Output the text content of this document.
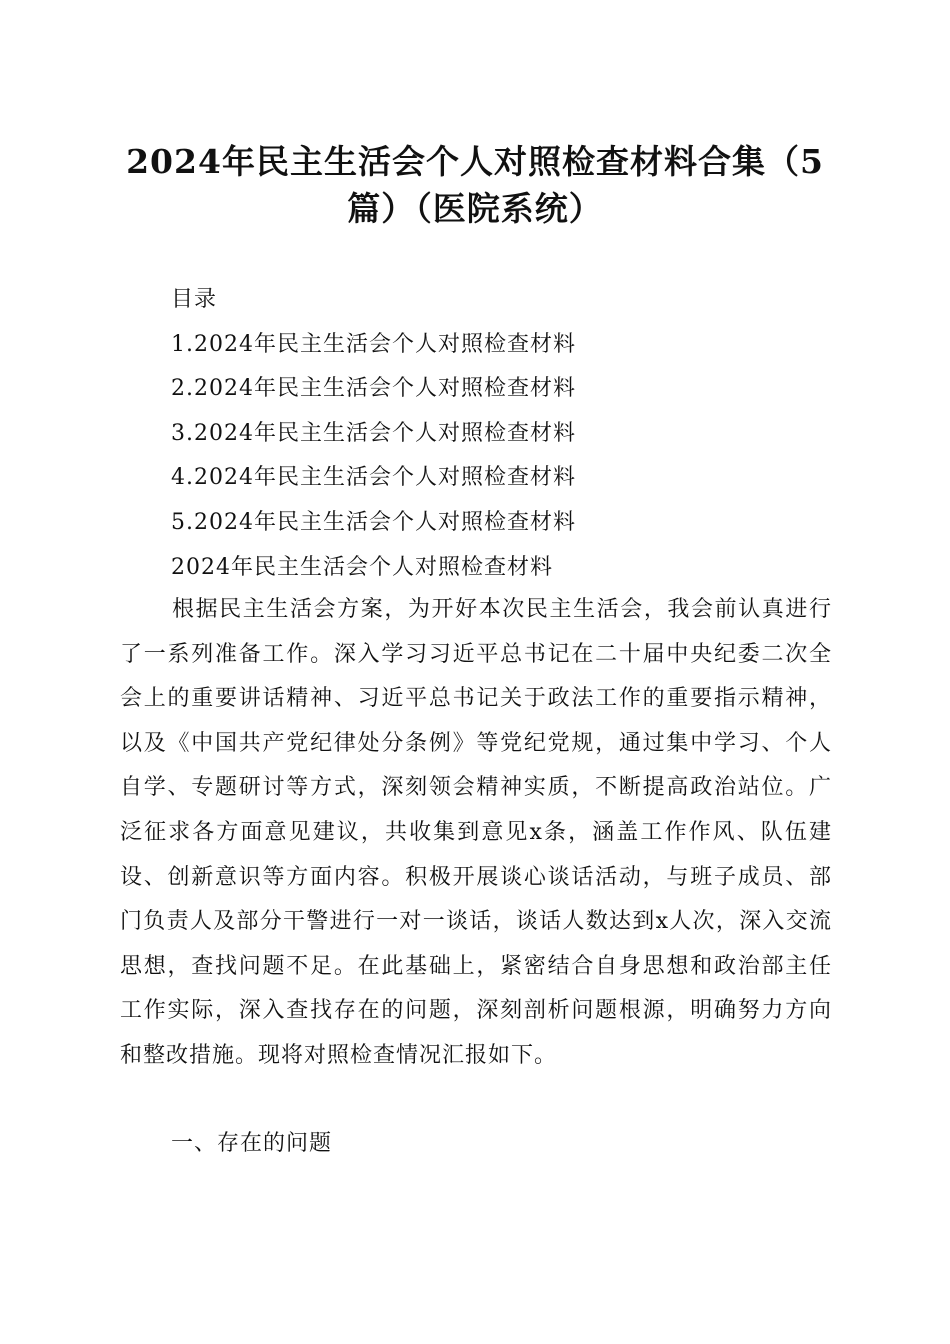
2024年民主生活会个人对照检查材料合集（5篇）（医院系统）
目录
1.2024年民主生活会个人对照检查材料
2.2024年民主生活会个人对照检查材料
3.2024年民主生活会个人对照检查材料
4.2024年民主生活会个人对照检查材料
5.2024年民主生活会个人对照检查材料
2024年民主生活会个人对照检查材料

根据民主生活会方案，为开好本次民主生活会，我会前认真进行了一系列准备工作。深入学习习近平总书记在二十届中央纪委二次全会上的重要讲话精神、习近平总书记关于政法工作的重要指示精神，以及《中国共产党纪律处分条例》等党纪党规，通过集中学习、个人自学、专题研讨等方式，深刻领会精神实质，不断提高政治站位。广泛征求各方面意见建议，共收集到意见x条，涵盖工作作风、队伍建设、创新意识等方面内容。积极开展谈心谈话活动，与班子成员、部门负责人及部分干警进行一对一谈话，谈话人数达到x人次，深入交流思想，查找问题不足。在此基础上，紧密结合自身思想和政治部主任工作实际，深入查找存在的问题，深刻剖析问题根源，明确努力方向和整改措施。现将对照检查情况汇报如下。

一、存在的问题
